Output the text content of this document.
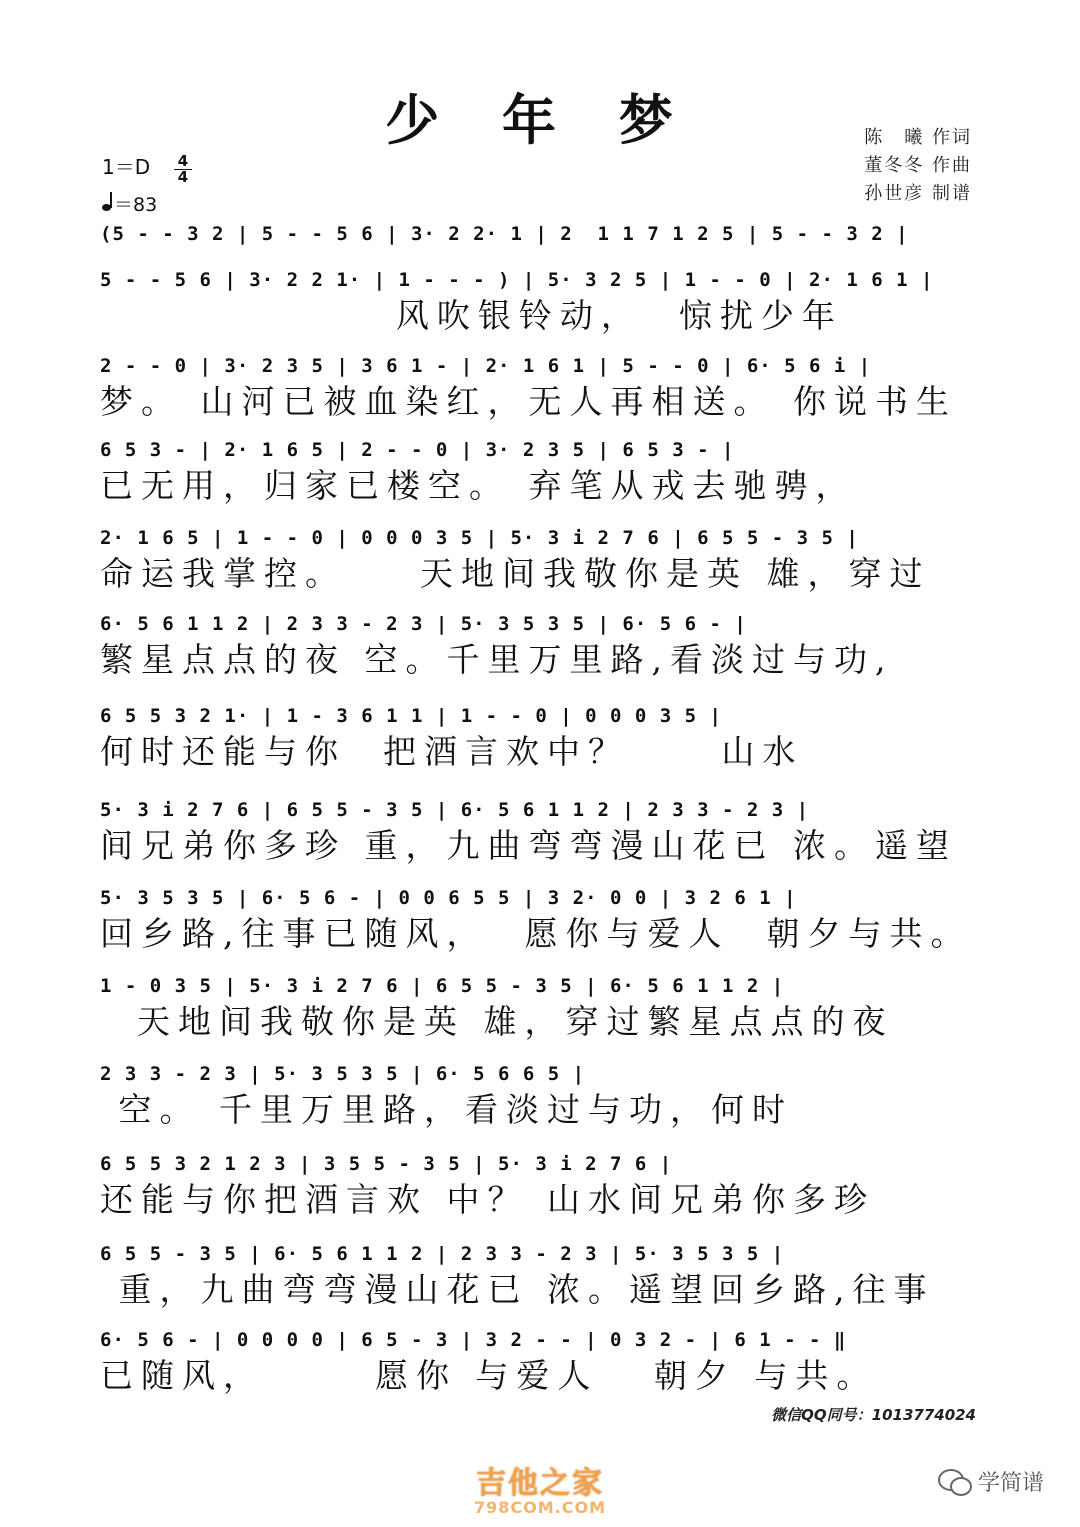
少 年 梦	陈　曦 作词
董冬冬 作曲
孙世彦 制谱
1＝D 4
4
＝83
(5 - - 3 2 | 5 - - 5 6 | 3· 2 2· 1 | 2  1 1 7 1 2 5 | 5 - - 3 2 |
5 - - 5 6 | 3· 2 2 1· | 1 - - - ) | 5· 3 2 5 | 1 - - 0 | 2· 1 6 1 |
风吹银铃动，  惊扰少年
2 - - 0 | 3· 2 3 5 | 3 6 1 - | 2· 1 6 1 | 5 - - 0 | 6· 5 6 i |
梦。 山河已被血染红，无人再相送。 你说书生
6 5 3 - | 2· 1 6 5 | 2 - - 0 | 3· 2 3 5 | 6 5 3 - |
已无用，归家已楼空。 弃笔从戎去驰骋，
2· 1 6 5 | 1 - - 0 | 0 0 0 3 5 | 5· 3 i 2 7 6 | 6 5 5 - 3 5 |
命运我掌控。    天地间我敬你是英 雄，穿过
6· 5 6 1 1 2 | 2 3 3 - 2 3 | 5· 3 5 3 5 | 6· 5 6 - |
繁星点点的夜 空。千里万里路,看淡过与功,
6 5 5 3 2 1· | 1 - 3 6 1 1 | 1 - - 0 | 0 0 0 3 5 |
何时还能与你  把酒言欢中？     山水
5· 3 i 2 7 6 | 6 5 5 - 3 5 | 6· 5 6 1 1 2 | 2 3 3 - 2 3 |
间兄弟你多珍 重，九曲弯弯漫山花已 浓。遥望
5· 3 5 3 5 | 6· 5 6 - | 0 0 6 5 5 | 3 2· 0 0 | 3 2 6 1 |
回乡路,往事已随风，  愿你与爱人  朝夕与共。
1 - 0 3 5 | 5· 3 i 2 7 6 | 6 5 5 - 3 5 | 6· 5 6 1 1 2 |
天地间我敬你是英 雄，穿过繁星点点的夜
2 3 3 - 2 3 | 5· 3 5 3 5 | 6· 5 6 6 5 |
空。 千里万里路，看淡过与功，何时
6 5 5 3 2 1 2 3 | 3 5 5 - 3 5 | 5· 3 i 2 7 6 |
还能与你把酒言欢 中？ 山水间兄弟你多珍
6 5 5 - 3 5 | 6· 5 6 1 1 2 | 2 3 3 - 2 3 | 5· 3 5 3 5 |
重，九曲弯弯漫山花已 浓。遥望回乡路,往事
6· 5 6 - | 0 0 0 0 | 6 5 - 3 | 3 2 - - | 0 3 2 - | 6 1 - - ‖
已随风，      愿你 与爱人   朝夕 与共。
微信QQ同号：1013774024
吉他之家
798COM.COM
学简谱
